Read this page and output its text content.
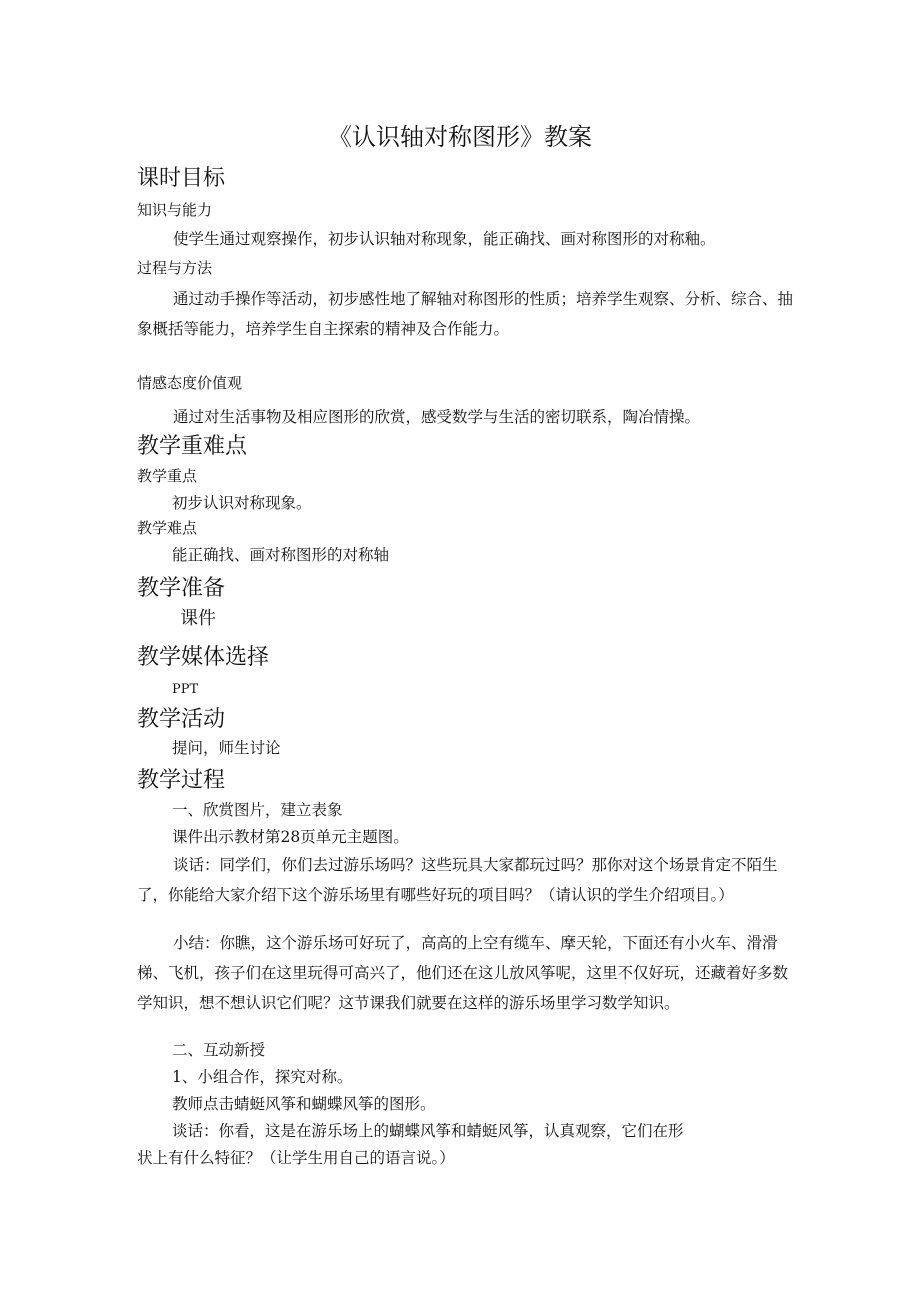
《认识轴对称图形》教案
课时目标
知识与能力
使学生通过观察操作，初步认识轴对称现象，能正确找、画对称图形的对称釉。
过程与方法
通过动手操作等活动，初步感性地了解轴对称图形的性质；培养学生观察、分析、综合、抽象概括等能力，培养学生自主探索的精神及合作能力。
情感态度价值观
通过对生活事物及相应图形的欣赏，感受数学与生活的密切联系，陶冶情操。
教学重难点
教学重点
初步认识对称现象。
教学难点
能正确找、画对称图形的对称轴
教学准备
课件
教学媒体选择
PPT
教学活动
提问，师生讨论
教学过程
一、欣赏图片，建立表象
课件出示教材第28页单元主题图。
谈话：同学们，你们去过游乐场吗？这些玩具大家都玩过吗？那你对这个场景肯定不陌生了，你能给大家介绍下这个游乐场里有哪些好玩的项目吗？（请认识的学生介绍项目。）
小结：你瞧，这个游乐场可好玩了，高高的上空有缆车、摩天轮，下面还有小火车、滑滑梯、飞机，孩子们在这里玩得可高兴了，他们还在这儿放风筝呢，这里不仅好玩，还藏着好多数学知识，想不想认识它们呢？这节课我们就要在这样的游乐场里学习数学知识。
二、互动新授
1、小组合作，探究对称。
教师点击蜻蜓风筝和蝴蝶风筝的图形。
谈话：你看，这是在游乐场上的蝴蝶风筝和蜻蜓风筝，认真观察，它们在形
状上有什么特征？（让学生用自己的语言说。）
